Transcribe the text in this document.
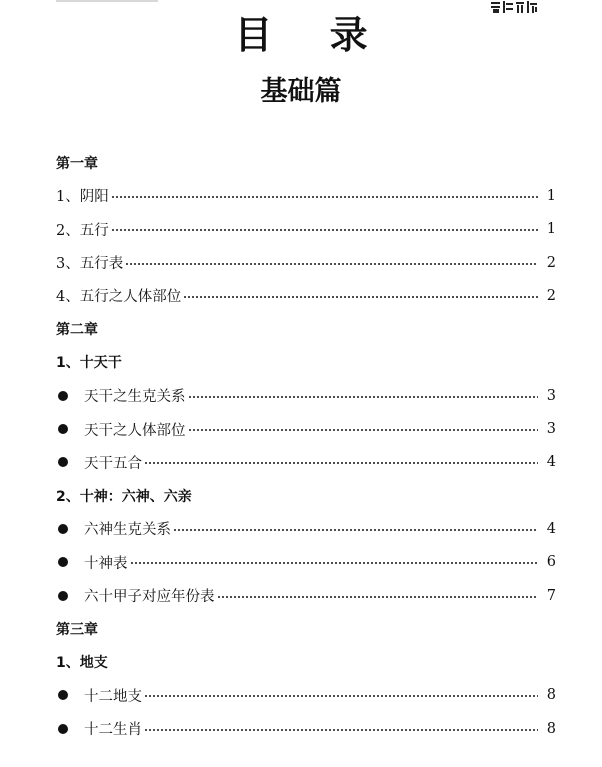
目 录
基础篇
第一章
1、阴阳	1
2、五行	1
3、五行表	2
4、五行之人体部位	2
第二章
1、十天干
天干之生克关系	3
天干之人体部位	3
天干五合	4
2、十神：六神、六亲
六神生克关系	4
十神表	6
六十甲子对应年份表	7
第三章
1、地支
十二地支	8
十二生肖	8
